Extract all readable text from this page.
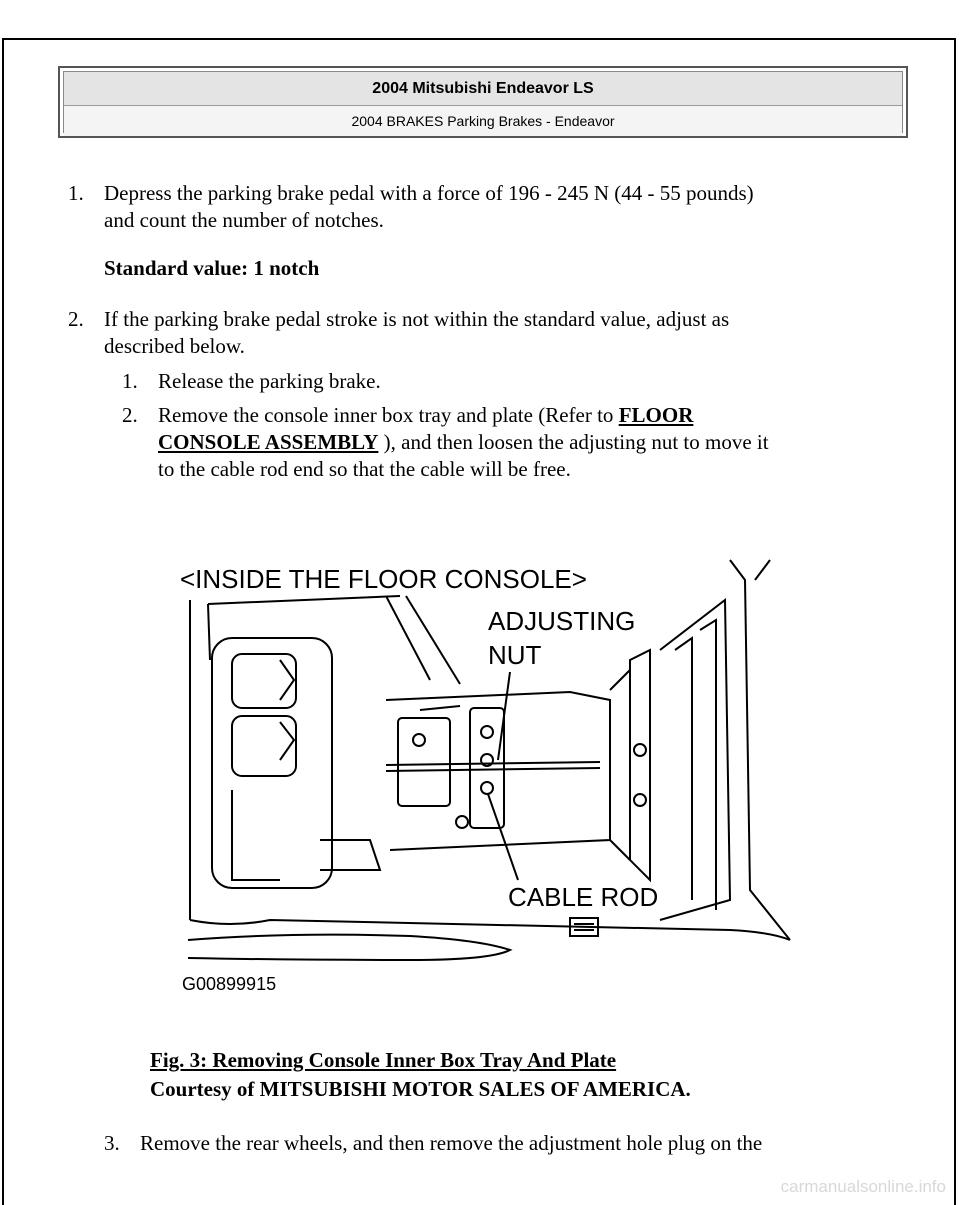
2004 Mitsubishi Endeavor LS
2004 BRAKES Parking Brakes - Endeavor
1. Depress the parking brake pedal with a force of 196 - 245 N (44 - 55 pounds)
and count the number of notches.
Standard value: 1 notch
2. If the parking brake pedal stroke is not within the standard value, adjust as
described below.
1. Release the parking brake.
2. Remove the console inner box tray and plate (Refer to FLOOR
CONSOLE ASSEMBLY ), and then loosen the adjusting nut to move it
to the cable rod end so that the cable will be free.
<INSIDE THE FLOOR CONSOLE>
ADJUSTING
NUT
CABLE ROD
G00899915
Fig. 3: Removing Console Inner Box Tray And Plate
Courtesy of MITSUBISHI MOTOR SALES OF AMERICA.
3. Remove the rear wheels, and then remove the adjustment hole plug on the
carmanualsonline.info
